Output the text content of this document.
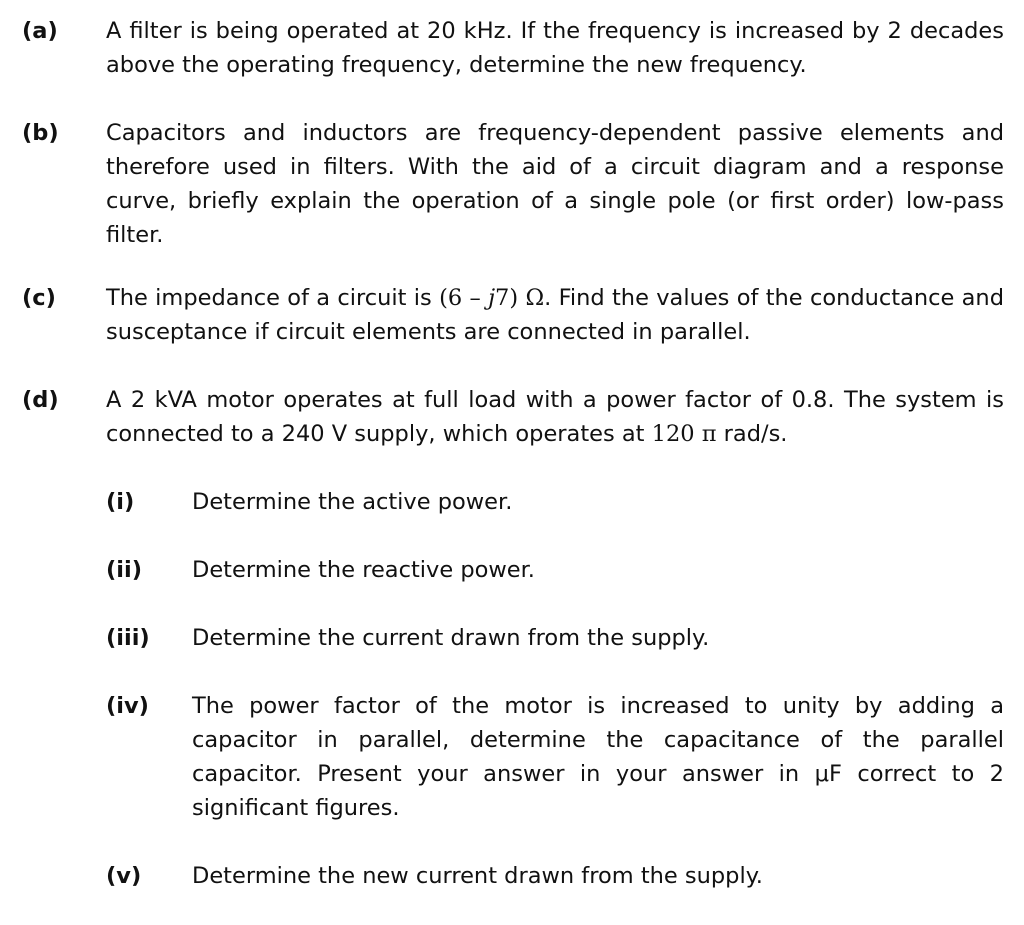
(a) A filter is being operated at 20 kHz. If the frequency is increased by 2 decades above the operating frequency, determine the new frequency.
(b) Capacitors and inductors are frequency-dependent passive elements and therefore used in filters. With the aid of a circuit diagram and a response curve, briefly explain the operation of a single pole (or first order) low-pass filter.
(c) The impedance of a circuit is (6 – j7) Ω. Find the values of the conductance and susceptance if circuit elements are connected in parallel.
(d) A 2 kVA motor operates at full load with a power factor of 0.8. The system is connected to a 240 V supply, which operates at 120 π rad/s.
(i)	Determine the active power.
(ii) Determine the reactive power.
(iii) Determine the current drawn from the supply.
(iv) The power factor of the motor is increased to unity by adding a capacitor in parallel, determine the capacitance of the parallel capacitor. Present your answer in your answer in μF correct to 2 significant figures.
(v) Determine the new current drawn from the supply.
